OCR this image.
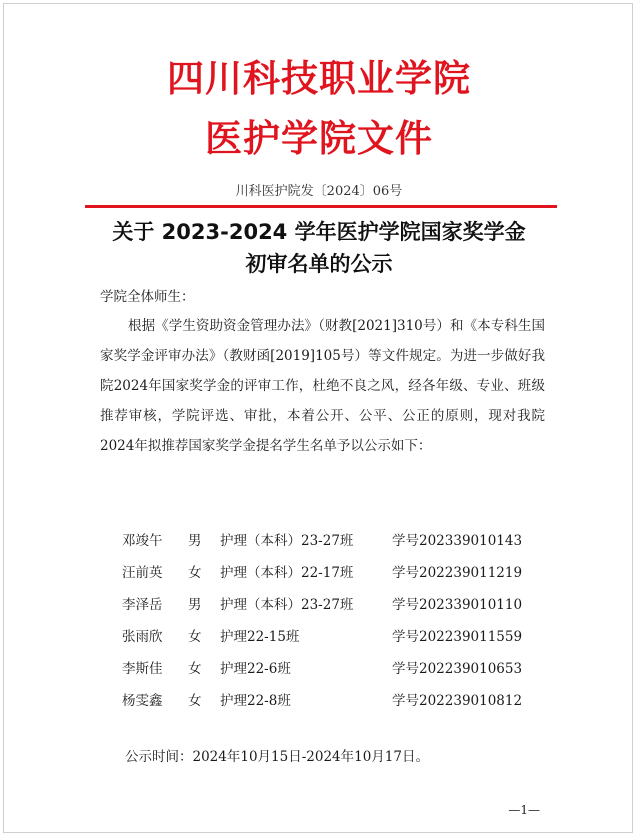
四川科技职业学院
医护学院文件
川科医护院发〔2024〕06号
关于 2023-2024 学年医护学院国家奖学金
初审名单的公示

学院全体师生：

根据《学生资助资金管理办法》（财教[2021]310号）和《本专科生国家奖学金评审办法》（教财函[2019]105号）等文件规定。为进一步做好我院2024年国家奖学金的评审工作，杜绝不良之风，经各年级、专业、班级推荐审核，学院评选、审批，本着公开、公平、公正的原则，现对我院2024年拟推荐国家奖学金提名学生名单予以公示如下：

邓竣午 男 护理（本科）23-27班	学号202339010143
汪前英 女 护理（本科）22-17班	学号202239011219
李泽岳 男 护理（本科）23-27班	学号202339010110
张雨欣 女 护理22-15班	学号202239011559
李斯佳 女 护理22-6班	学号202239010653
杨雯鑫 女 护理22-8班	学号202239010812
公示时间：2024年10月15日-2024年10月17日。
—1—
